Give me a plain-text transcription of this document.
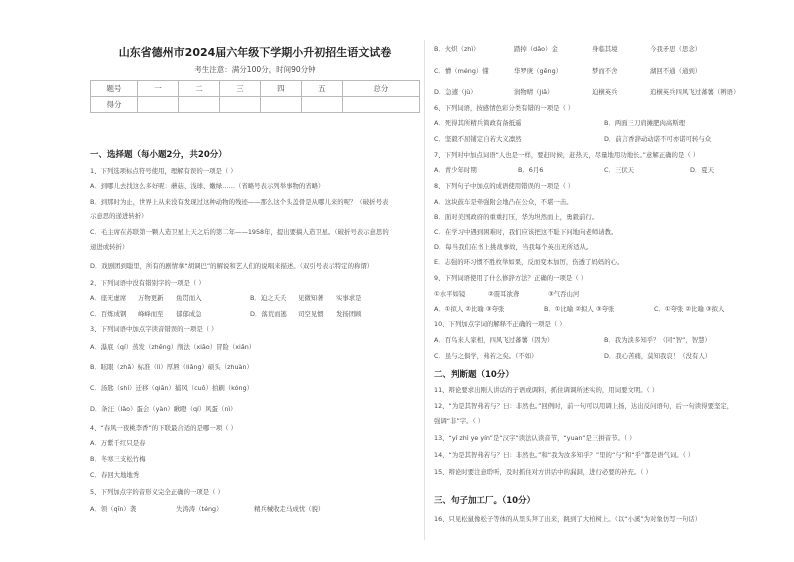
山东省德州市2024届六年级下学期小升初招生语文试卷
考生注意：满分100分，时间90分钟
题号	一	二	三	四	五	总分
得分						
一、选择题（每小题2分，共20分）
1、下列选项标点符号使用，理解有误的一项是（ ）
A．到哪儿去找这么多好呢：蘑菇、浅球、嫩绿……（省略号表示列举事物的省略）
B．到那时为止，世界上从来没有发现过这种动物的残迹——那么这个头盖骨是从哪儿来的呢？（破折号表
示意思的递进转折）
C．毛主席在苏联第一颗人造卫星上天之后的第二年——1958年，提出要搞人造卫星。（破折号表示意思的
递进或转折）
D．戏剧团到聪里，所有的剧情拿“胡调巴”的解说和艺人们的说唱来描述。（双引号表示特定的称谓）
2、下列词语中没有错别字的一项是（ ）
A．座无虚席 万物更新 鱼贯而入	B．迫之夭夭 见微知著 实事求是
C．百炼成钢 峰峰而至 郁郁成急	D．落荒而逃 司空见惯 发扬团顾
3、下列词语中加点字读音错误的一项是（ ）
A．瀑底（qí）蒸发（zhēng）削法（xiāo）冒险（xiǎn）
B．眩眼（zhǎ）标准（lì）厚唇（liǎng）硕头（zhuàn）
C．汤匙（shí）迁移（qiān）捕风（cuō）拍刷（kóng）
D．条汪（lǎo）蛋会（yàn）瞅瞪（qí）风蛋（nì）
4、“春风一夜桃李香”的下联最合适的是哪一项（ ）
A．万紫千红只是春
B．冬寒三支松竹梅
C．春回大地地秀
5、下列加点字的音形义完全正确的一项是（ ）
A．领（qīn）袭	失涛涛（téng）	精兵械收走马成忧（貌）
B．火炽（zhì）	踏掉（dǎo）金	身临其境	今我矛思（思念）
C．懵（méng）懂	华罗庚（gēng）	梦而不舍	湖回不通（通到）
D．急遽（jù）	润物晴（jiǎ）	迫横英兵	追横英兵四风飞过蕃薯（辨语）
6、下列词语，按感情色彩分类有错的一项是（ ）
A．死得其所精兵简政有备抵遥	B．两面三刀肩摊肥肉高斯理
C．坚毅不屈铺定自若大义凛然	D．前言香辞动动诺不可亦诺可转与众
7、下列对中加点词语“人也是一样，要赶时候，赶热天，尽量地用功地长。”意解正确的是（ ）
A．青少年时期	B．6月6	C．三伏天	D．夏天
8、下列句子中加点的成语使用错误的一项是（ ）
A．这块鼓车是牵强附会地凸在公众，不堪一击。
B．面对美国政府的重重打压，华为坦然而上，勇毅前行。
C．在学习中遇到困难时，我们应该把这不耻下问地向老师请教。
D．每当我们在书上挑战事故，当我每个英出无所适从。
E．志强的环习惯不胜枚举如果，反而变本加厉，伤透了妈妈的心。
9、下列词语使用了什么修辞方法？正确的一项是（ ）
①水平如镜	②震耳欲聋	③气吞山河
A．①拟人 ②比喻 ③夸张	B．①比喻 ②拟人 ③夸张	C．①夸张 ②比喻 ③拟人
10、下列加点字词的解释不正确的一项是（ ）
A．百鸟来人家相，四风飞过蕃薯（因为）	B．我为淡多知乎？（同“智”，智慧）
C．虽与之俱学，弗若之矣。（不如）	D．我心苦痛，莫知我哀！（没有人）
二、判断题（10分）
11、辩论要求出刚人讲话的子语或调料，抓住调调所述实的，用词要文明。（ ）
12、“为是其智弗若与？曰：非然也。”回例时，前一句可以用调上扬，达出反问语句，后一句读得要坚定，
强调“非”字。（ ）
13、“yí zhì ye yín”是“汉字”读法认读音节，“yuan”是三拼音节。（ ）
14、“为是其智弗若与？曰：非然也。”和“我为汝多知乎？”里的“与”和“乎”都是语气词。（ ）
15、辩论时要注意聆听，及时抓住对方讲话中的漏洞，进行必要的补充。（ ）
三、句子加工厂。（10分）
16、只见松鼠像松子等体的从里头拜了出来，跳到了大柏树上。（以“小溪”为对象仿写一句话）
